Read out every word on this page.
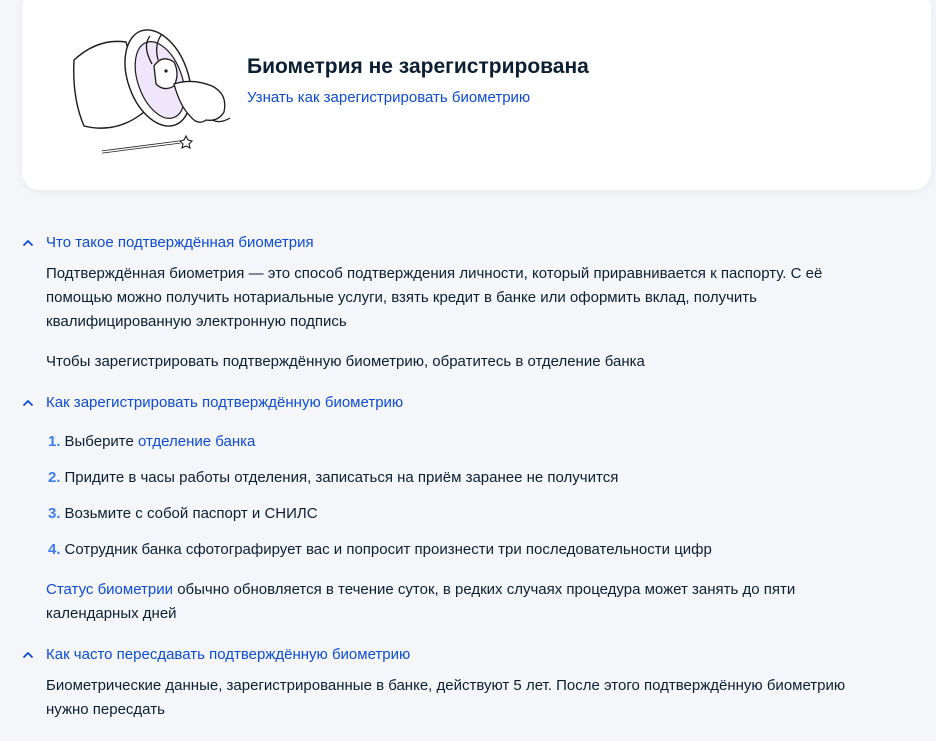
Биометрия не зарегистрирована
Узнать как зарегистрировать биометрию
Что такое подтверждённая биометрия
Подтверждённая биометрия — это способ подтверждения личности, который приравнивается к паспорту. С её
помощью можно получить нотариальные услуги, взять кредит в банке или оформить вклад, получить
квалифицированную электронную подпись
Чтобы зарегистрировать подтверждённую биометрию, обратитесь в отделение банка
Как зарегистрировать подтверждённую биометрию
1. Выберите отделение банка
2. Придите в часы работы отделения, записаться на приём заранее не получится
3. Возьмите с собой паспорт и СНИЛС
4. Сотрудник банка сфотографирует вас и попросит произнести три последовательности цифр
Статус биометрии обычно обновляется в течение суток, в редких случаях процедура может занять до пяти
календарных дней
Как часто пересдавать подтверждённую биометрию
Биометрические данные, зарегистрированные в банке, действуют 5 лет. После этого подтверждённую биометрию
нужно пересдать
